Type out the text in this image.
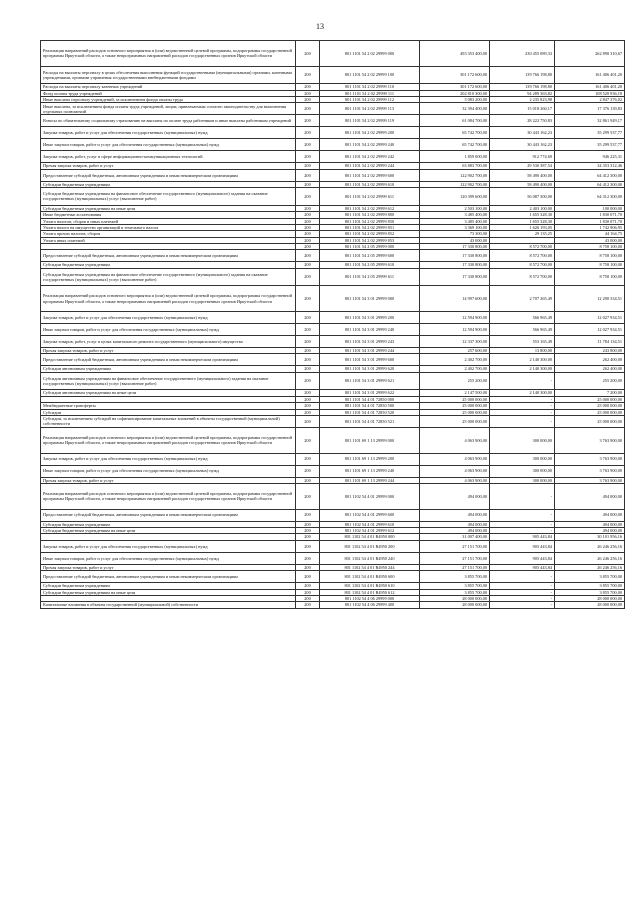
13
Реализация направлений расходов основного мероприятия и (или) ведомственной целевой программы, подпрограммы государственной программы Иркутской области, а также непрограммных направлений расходов государственных органов Иркутской области	200	801 1101 54 2 02 29999 000	493 353 400,00	230 455 089,33	262 898 310,67
Расходы на выплаты персоналу в целях обеспечения выполнения функций государственными (муниципальными) органами, казенными учреждениями, органами управления государственными внебюджетными фондами	200	801 1101 54 2 02 29999 100	301 172 600,00	139 766 198,80	161 406 401,20
Расходы на выплаты персоналу казенных учреждений	200	801 1101 54 2 02 29999 110	301 172 600,00	139 766 198,80	161 406 401,20
Фонд оплаты труда учреждений	200	801 1101 54 2 02 29999 111	202 810 300,00	94 289 363,82	108 520 936,18
Иные выплаты персоналу учреждений, за исключением фонда оплаты труда	200	801 1101 54 2 02 29999 112	5 083 200,00	2 235 823,98	2 847 376,02
Иные выплаты, за исключением фонда оплаты труда учреждений, лицам, привлекаемым согласно законодательству для выполнения отдельных полномочий	200	801 1101 54 2 02 29999 113	32 394 400,00	15 018 260,17	17 376 139,83
Взносы по обязательному социальному страхованию на выплаты по оплате труда работников и иные выплаты работникам учреждений	200	801 1101 54 2 02 29999 119	61 084 700,00	28 222 750,83	32 861 949,17
Закупка товаров, работ и услуг для обеспечения государственных (муниципальных) нужд	200	801 1101 54 2 02 29999 200	65 742 700,00	30 443 162,23	35 299 537,77
Иные закупки товаров, работ и услуг для обеспечения государственных (муниципальных) нужд	200	801 1101 54 2 02 29999 240	65 742 700,00	30 443 162,23	35 299 537,77
Закупка товаров, работ, услуг в сфере информационно-коммуникационных технологий	200	801 1101 54 2 02 29999 242	1 859 000,00	912 774,69	946 225,31
Прочая закупка товаров, работ и услуг	200	801 1101 54 2 02 29999 244	63 883 700,00	29 530 387,54	34 353 312,46
Предоставление субсидий бюджетным, автономным учреждениям и иным некоммерческим организациям	200	801 1101 54 2 02 29999 600	122 902 700,00	58 490 400,00	64 412 300,00
Субсидии бюджетным учреждениям	200	801 1101 54 2 02 29999 610	122 902 700,00	58 490 400,00	64 412 300,00
Субсидии бюджетным учреждениям на финансовое обеспечение государственного (муниципального) задания на оказание государственных (муниципальных) услуг (выполнение работ)	200	801 1101 54 2 02 29999 611	120 399 600,00	56 087 300,00	64 312 300,00
Субсидии бюджетным учреждениям на иные цели	200	801 1101 54 2 02 29999 612	2 503 100,00	2 403 100,00	100 000,00
Иные бюджетные ассигнования	200	801 1101 54 2 02 29999 800	3 485 400,00	1 655 328,30	1 830 071,70
Уплата налогов, сборов и иных платежей	200	801 1101 54 2 02 29999 850	3 485 400,00	1 655 328,30	1 830 071,70
Уплата налога на имущество организаций и земельного налога	200	801 1101 54 2 02 29999 851	3 369 100,00	1 626 193,05	1 742 906,95
Уплата прочих налогов, сборов	200	801 1101 54 2 02 29999 852	73 300,00	29 135,25	44 164,75
Уплата иных платежей	200	801 1101 54 2 02 29999 853	43 000,00		43 000,00
	200	801 1101 54 2 05 29999 000	17 330 800,00	8 572 700,00	8 758 100,00
Предоставление субсидий бюджетным, автономным учреждениям и иным некоммерческим организациям	200	801 1101 54 2 05 29999 600	17 330 800,00	8 572 700,00	8 758 100,00
Субсидии бюджетным учреждениям	200	801 1101 54 2 05 29999 610	17 330 800,00	8 572 700,00	8 758 100,00
Субсидии бюджетным учреждениям на финансовое обеспечение государственного (муниципального) задания на оказание государственных (муниципальных) услуг (выполнение работ)	200	801 1101 54 2 05 29999 611	17 330 800,00	8 572 700,00	8 758 100,00
Реализация направлений расходов основного мероприятия и (или) ведомственной целевой программы, подпрограммы государственной программы Иркутской области, а также непрограммных направлений расходов государственных органов Иркутской области	200	801 1101 54 3 01 29999 000	14 997 600,00	2 707 265,49	12 290 334,51
Закупка товаров, работ и услуг для обеспечения государственных (муниципальных) нужд	200	801 1101 54 3 01 29999 200	12 594 900,00	566 965,49	12 027 934,51
Иные закупки товаров, работ и услуг для обеспечения государственных (муниципальных) нужд	200	801 1101 54 3 01 29999 240	12 594 900,00	566 965,49	12 027 934,51
Закупка товаров, работ, услуг в целях капитального ремонта государственного (муниципального) имущества	200	801 1101 54 3 01 29999 243	12 337 300,00	553 165,49	11 784 134,51
Прочая закупка товаров, работ и услуг	200	801 1101 54 3 01 29999 244	257 600,00	13 800,00	243 800,00
Предоставление субсидий бюджетным, автономным учреждениям и иным некоммерческим организациям	200	801 1101 54 3 01 29999 600	2 402 700,00	2 140 300,00	262 400,00
Субсидии автономным учреждениям	200	801 1101 54 3 01 29999 620	2 402 700,00	2 140 300,00	262 400,00
Субсидии автономным учреждениям на финансовое обеспечение государственного (муниципального) задания на оказание государственных (муниципальных) услуг (выполнение работ)	200	801 1101 54 3 01 29999 621	255 200,00	-	255 200,00
Субсидии автономным учреждениям на иные цели	200	801 1101 54 3 01 29999 622	2 147 500,00	2 140 300,00	7 200,00
	200	801 1101 54 4 01 72850 000	25 000 000,00	-	25 000 000,00
Межбюджетные трансферты	200	801 1101 54 4 01 72850 500	25 000 000,00	-	25 000 000,00
Субсидии	200	801 1101 54 4 01 72850 520	25 000 000,00	-	25 000 000,00
Субсидии, за исключением субсидий на софинансирование капитальных вложений в объекты государственной (муниципальной) собственности	200	801 1101 54 4 01 72850 521	25 000 000,00	-	25 000 000,00
Реализация направлений расходов основного мероприятия и (или) ведомственной целевой программы, подпрограммы государственной программы Иркутской области, а также непрограммных направлений расходов государственных органов Иркутской области	200	801 1101 69 1 13 29999 000	4 063 900,00	300 000,00	3 763 900,00
Закупка товаров, работ и услуг для обеспечения государственных (муниципальных) нужд	200	801 1101 69 1 13 29999 200	4 063 900,00	300 000,00	3 763 900,00
Иные закупки товаров, работ и услуг для обеспечения государственных (муниципальных) нужд	200	801 1101 69 1 13 29999 240	4 063 900,00	300 000,00	3 763 900,00
Прочая закупка товаров, работ и услуг	200	801 1101 69 1 13 29999 244	4 063 900,00	300 000,00	3 763 900,00
Реализация направлений расходов основного мероприятия и (или) ведомственной целевой программы, подпрограммы государственной программы Иркутской области, а также непрограммных направлений расходов государственных органов Иркутской области	200	801 1102 54 4 01 29999 000	494 000,00	-	494 000,00
Предоставление субсидий бюджетным, автономным учреждениям и иным некоммерческим организациям	200	801 1102 54 4 01 29999 600	494 000,00	-	494 000,00
Субсидии бюджетным учреждениям	200	801 1102 54 4 01 29999 610	494 000,00	-	494 000,00
Субсидии бюджетным учреждениям на иные цели	200	801 1102 54 4 01 29999 612	494 000,00	-	494 000,00
	200	801 1102 54 4 01 R4950 000	31 007 400,00	905 443,84	30 101 956,16
Закупка товаров, работ и услуг для обеспечения государственных (муниципальных) нужд	200	801 1102 54 4 01 R4950 200	27 151 700,00	905 443,84	26 246 256,16
Иные закупки товаров, работ и услуг для обеспечения государственных (муниципальных) нужд	200	801 1102 54 4 01 R4950 240	27 151 700,00	905 443,84	26 246 256,16
Прочая закупка товаров, работ и услуг	200	801 1102 54 4 01 R4950 244	27 151 700,00	905 443,84	26 246 256,16
Предоставление субсидий бюджетным, автономным учреждениям и иным некоммерческим организациям	200	801 1102 54 4 01 R4950 600	3 855 700,00	-	3 855 700,00
Субсидии бюджетным учреждениям	200	801 1102 54 4 01 R4950 610	3 855 700,00	-	3 855 700,00
Субсидии бюджетным учреждениям на иные цели	200	801 1102 54 4 01 R4950 612	3 855 700,00	-	3 855 700,00
	200	801 1102 54 4 06 29999 000	28 000 000,00	-	28 000 000,00
Капитальные вложения в объекты государственной (муниципальной) собственности	200	801 1102 54 4 06 29999 400	28 000 000,00	-	28 000 000,00
